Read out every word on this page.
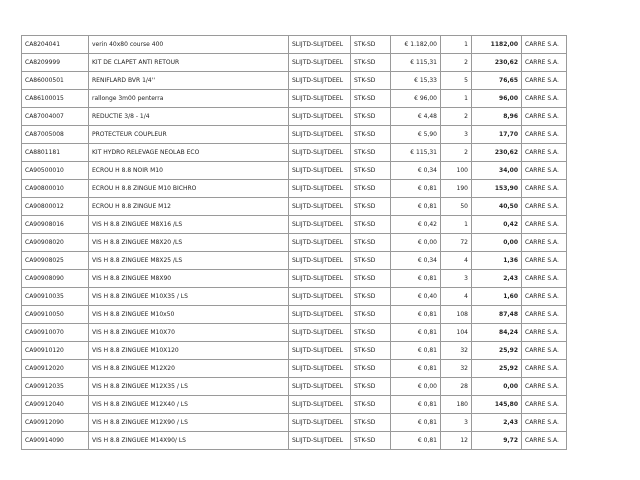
CA8204041	verin 40x80 course 400	SLIJTD-SLIJTDEEL	STK-SD	€ 1.182,00	1	1182,00	CARRE S.A.
CA8209999	KIT DE CLAPET ANTI RETOUR	SLIJTD-SLIJTDEEL	STK-SD	€ 115,31	2	230,62	CARRE S.A.
CA86000501	RENIFLARD BVR 1/4''	SLIJTD-SLIJTDEEL	STK-SD	€ 15,33	5	76,65	CARRE S.A.
CA86100015	rallonge 3m00 penterra	SLIJTD-SLIJTDEEL	STK-SD	€ 96,00	1	96,00	CARRE S.A.
CA87004007	REDUCTIE 3/8 - 1/4	SLIJTD-SLIJTDEEL	STK-SD	€ 4,48	2	8,96	CARRE S.A.
CA87005008	PROTECTEUR COUPLEUR	SLIJTD-SLIJTDEEL	STK-SD	€ 5,90	3	17,70	CARRE S.A.
CA8801181	KIT HYDRO RELEVAGE NEOLAB ECO	SLIJTD-SLIJTDEEL	STK-SD	€ 115,31	2	230,62	CARRE S.A.
CA90500010	ECROU H 8.8 NOIR M10	SLIJTD-SLIJTDEEL	STK-SD	€ 0,34	100	34,00	CARRE S.A.
CA90800010	ECROU H 8.8 ZINGUE M10 BICHRO	SLIJTD-SLIJTDEEL	STK-SD	€ 0,81	190	153,90	CARRE S.A.
CA90800012	ECROU H 8.8 ZINGUE M12	SLIJTD-SLIJTDEEL	STK-SD	€ 0,81	50	40,50	CARRE S.A.
CA90908016	VIS H 8.8 ZINGUEE M8X16 /LS	SLIJTD-SLIJTDEEL	STK-SD	€ 0,42	1	0,42	CARRE S.A.
CA90908020	VIS H 8.8 ZINGUEE M8X20 /LS	SLIJTD-SLIJTDEEL	STK-SD	€ 0,00	72	0,00	CARRE S.A.
CA90908025	VIS H 8.8 ZINGUEE M8X25 /LS	SLIJTD-SLIJTDEEL	STK-SD	€ 0,34	4	1,36	CARRE S.A.
CA90908090	VIS H 8.8 ZINGUEE M8X90	SLIJTD-SLIJTDEEL	STK-SD	€ 0,81	3	2,43	CARRE S.A.
CA90910035	VIS H 8.8 ZINGUEE M10X35 / LS	SLIJTD-SLIJTDEEL	STK-SD	€ 0,40	4	1,60	CARRE S.A.
CA90910050	VIS H 8.8 ZINGUEE M10x50	SLIJTD-SLIJTDEEL	STK-SD	€ 0,81	108	87,48	CARRE S.A.
CA90910070	VIS H 8.8 ZINGUEE M10X70	SLIJTD-SLIJTDEEL	STK-SD	€ 0,81	104	84,24	CARRE S.A.
CA90910120	VIS H 8.8 ZINGUEE M10X120	SLIJTD-SLIJTDEEL	STK-SD	€ 0,81	32	25,92	CARRE S.A.
CA90912020	VIS H 8.8 ZINGUEE M12X20	SLIJTD-SLIJTDEEL	STK-SD	€ 0,81	32	25,92	CARRE S.A.
CA90912035	VIS H 8.8 ZINGUEE M12X35 / LS	SLIJTD-SLIJTDEEL	STK-SD	€ 0,00	28	0,00	CARRE S.A.
CA90912040	VIS H 8.8 ZINGUEE M12X40 / LS	SLIJTD-SLIJTDEEL	STK-SD	€ 0,81	180	145,80	CARRE S.A.
CA90912090	VIS H 8.8 ZINGUEE M12X90 / LS	SLIJTD-SLIJTDEEL	STK-SD	€ 0,81	3	2,43	CARRE S.A.
CA90914090	VIS H 8.8 ZINGUEE M14X90/ LS	SLIJTD-SLIJTDEEL	STK-SD	€ 0,81	12	9,72	CARRE S.A.
